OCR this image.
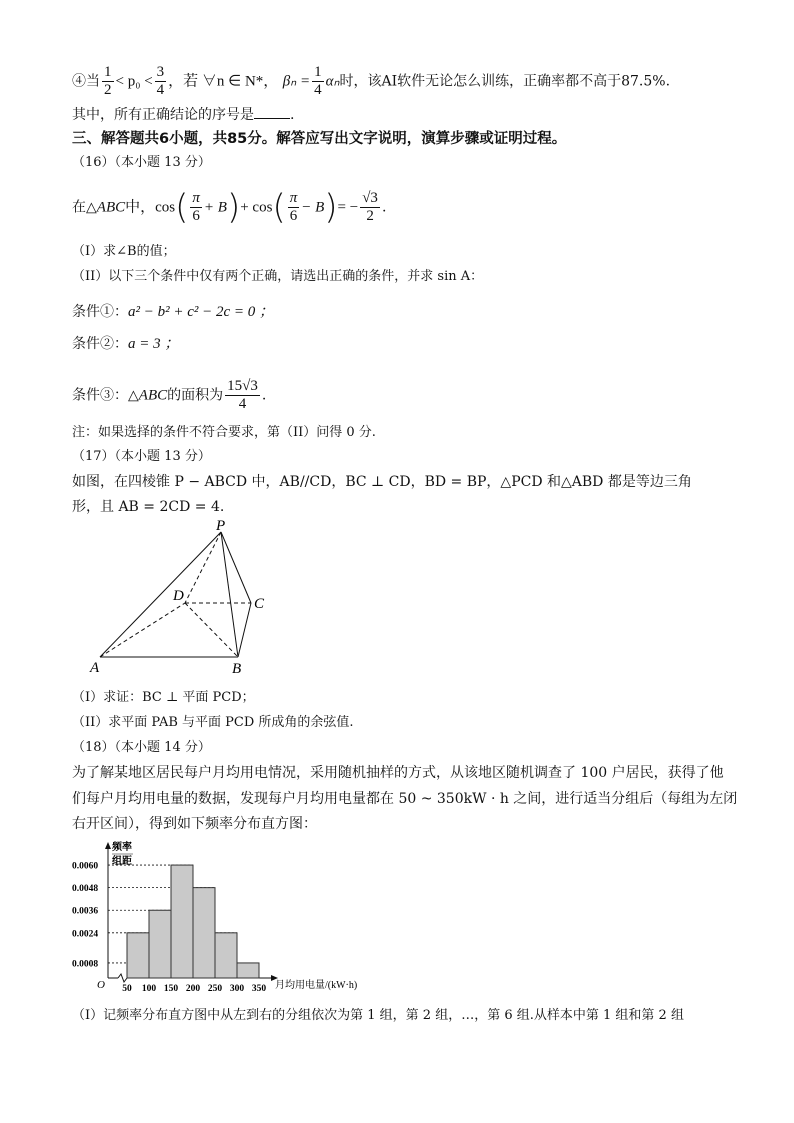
④当 $\frac{1}{2} < p_0 < \frac{3}{4}$ ，若 ∀n ∈ N*， $\beta_n = \frac{1}{4}$ αₙ时，该AI软件无论怎么训练，正确率都不高于87.5%.
其中，所有正确结论的序号是	.
三、解答题共6小题，共85分。解答应写出文字说明，演算步骤或证明过程。
（16）（本小题 13 分）
在△ABC中，$\cos( \frac{\pi}{6} + B)+ \cos( \frac{\pi}{6} - B)= - \frac{√3}{2}$ .
（I）求∠B的值；
（II）以下三个条件中仅有两个正确，请选出正确的条件，并求 sin A：
条件①：a² − b² + c² − 2c = 0 ；
条件②：a = 3 ；
条件③：△ABC的面积为 $\frac{15√3}{4}$ .
注：如果选择的条件不符合要求，第（II）问得 0 分.
（17）（本小题 13 分）
如图，在四棱锥 P − ABCD 中，AB//CD，BC ⊥ CD，BD = BP，△PCD 和△ABD 都是等边三角
形，且 AB = 2CD = 4.
P
D	C
A	B
（I）求证：BC ⊥ 平面 PCD；
（II）求平面 PAB 与平面 PCD 所成角的余弦值.
（18）（本小题 14 分）
为了解某地区居民每户月均用电情况，采用随机抽样的方式，从该地区随机调查了 100 户居民，获得了他
们每户月均用电量的数据，发现每户月均用电量都在 50 ~ 350kW · h 之间，进行适当分组后（每组为左闭
右开区间），得到如下频率分布直方图：
频率
组距
O	月均用电量/(kW·h)
0.0060
0.0048
0.0036
0.0024
0.0008
50 100 150 200 250 300 350
（I）记频率分布直方图中从左到右的分组依次为第 1 组，第 2 组，…，第 6 组.从样本中第 1 组和第 2 组
